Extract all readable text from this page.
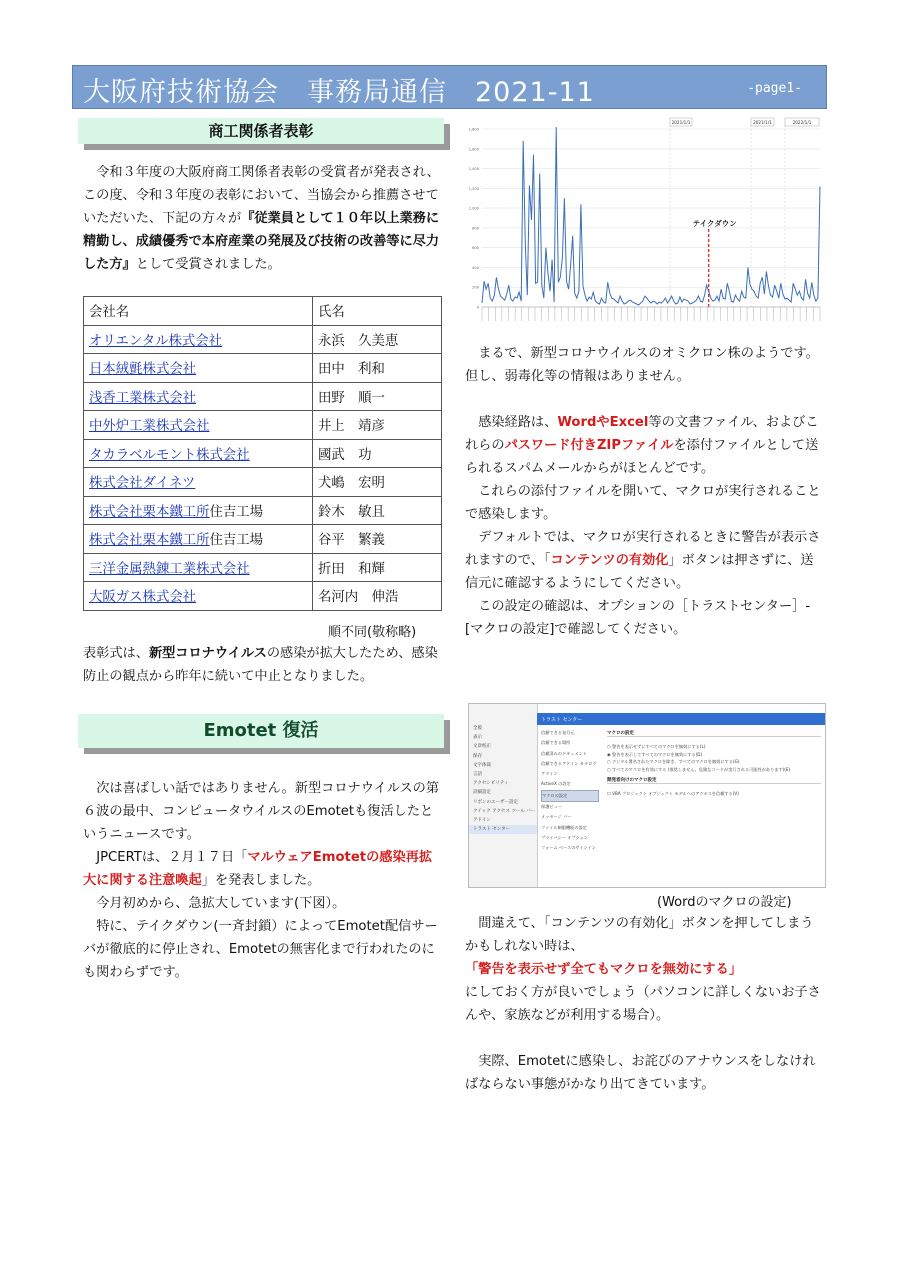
大阪府技術協会　事務局通信　2021-11	-page1-
商工関係者表彰
令和３年度の大阪府商工関係者表彰の受賞者が発表され、この度、令和３年度の表彰において、当協会から推薦させていただいた、下記の方々が『従業員として１０年以上業務に精勤し、成績優秀で本府産業の発展及び技術の改善等に尽力した方』として受賞されました。
会社名	氏名
オリエンタル株式会社	永浜　久美恵
日本絨氈株式会社	田中　利和
浅香工業株式会社	田野　順一
中外炉工業株式会社	井上　靖彦
タカラベルモント株式会社	國武　功
株式会社ダイネツ	犬嶋　宏明
株式会社栗本鐵工所住吉工場	鈴木　敏且
株式会社栗本鐵工所住吉工場	谷平　繁義
三洋金属熱錬工業株式会社	折田　和輝
大阪ガス株式会社	名河内　伸浩
順不同(敬称略)
表彰式は、新型コロナウイルスの感染が拡大したため、感染防止の観点から昨年に続いて中止となりました。
Emotet 復活
次は喜ばしい話ではありません。新型コロナウイルスの第６波の最中、コンピュータウイルスのEmotetも復活したというニュースです。
JPCERTは、２月１７日「マルウェアEmotetの感染再拡大に関する注意喚起」を発表しました。
今月初めから、急拡大しています(下図）。
特に、テイクダウン(一斉封鎖）によってEmotet配信サーバが徹底的に停止され、Emotetの無害化まで行われたのにも関わらずです。
0
200
400
600
800
1,000
1,200
1,400
1,600
1,800
2021/1/1	2021/1/1	2022/1/1
テイクダウン
まるで、新型コロナウイルスのオミクロン株のようです。但し、弱毒化等の情報はありません。
感染経路は、WordやExcel等の文書ファイル、およびこれらのパスワード付きZIPファイルを添付ファイルとして送られるスパムメールからがほとんどです。
これらの添付ファイルを開いて、マクロが実行されることで感染します。
デフォルトでは、マクロが実行されるときに警告が表示されますので、「コンテンツの有効化」ボタンは押さずに、送信元に確認するようにしてください。
この設定の確認は、オプションの［トラストセンター］-[マクロの設定]で確認してください。
全般
表示
文章校正
保存
文字体裁
言語
アクセシビリティ
詳細設定
リボンのユーザー設定
クイック アクセス ツール バー
アドイン
トラスト センター
トラスト センター
信頼できる発行元
信頼できる場所
信頼済みのドキュメント
信頼できるアドイン カタログ
アドイン
ActiveX の設定
マクロの設定
保護ビュー
メッセージ バー
ファイル制限機能の設定
プライバシー オプション
フォーム ベースのサインイン
マクロの設定
○ 警告を表示せずにすべてのマクロを無効にする(L)
◉ 警告を表示してすべてのマクロを無効にする(D)
○ デジタル署名されたマクロを除き、すべてのマクロを無効にする(G)
○ すべてのマクロを有効にする (推奨しません。危険なコードが実行される可能性があります)(E)
開発者向けのマクロ設定
☐ VBA プロジェクト オブジェクト モデルへのアクセスを信頼する(V)
(Wordのマクロの設定)
間違えて、「コンテンツの有効化」ボタンを押してしまうかもしれない時は、
「警告を表示せず全てもマクロを無効にする」
にしておく方が良いでしょう（パソコンに詳しくないお子さんや、家族などが利用する場合）。
実際、Emotetに感染し、お詫びのアナウンスをしなければならない事態がかなり出てきています。
